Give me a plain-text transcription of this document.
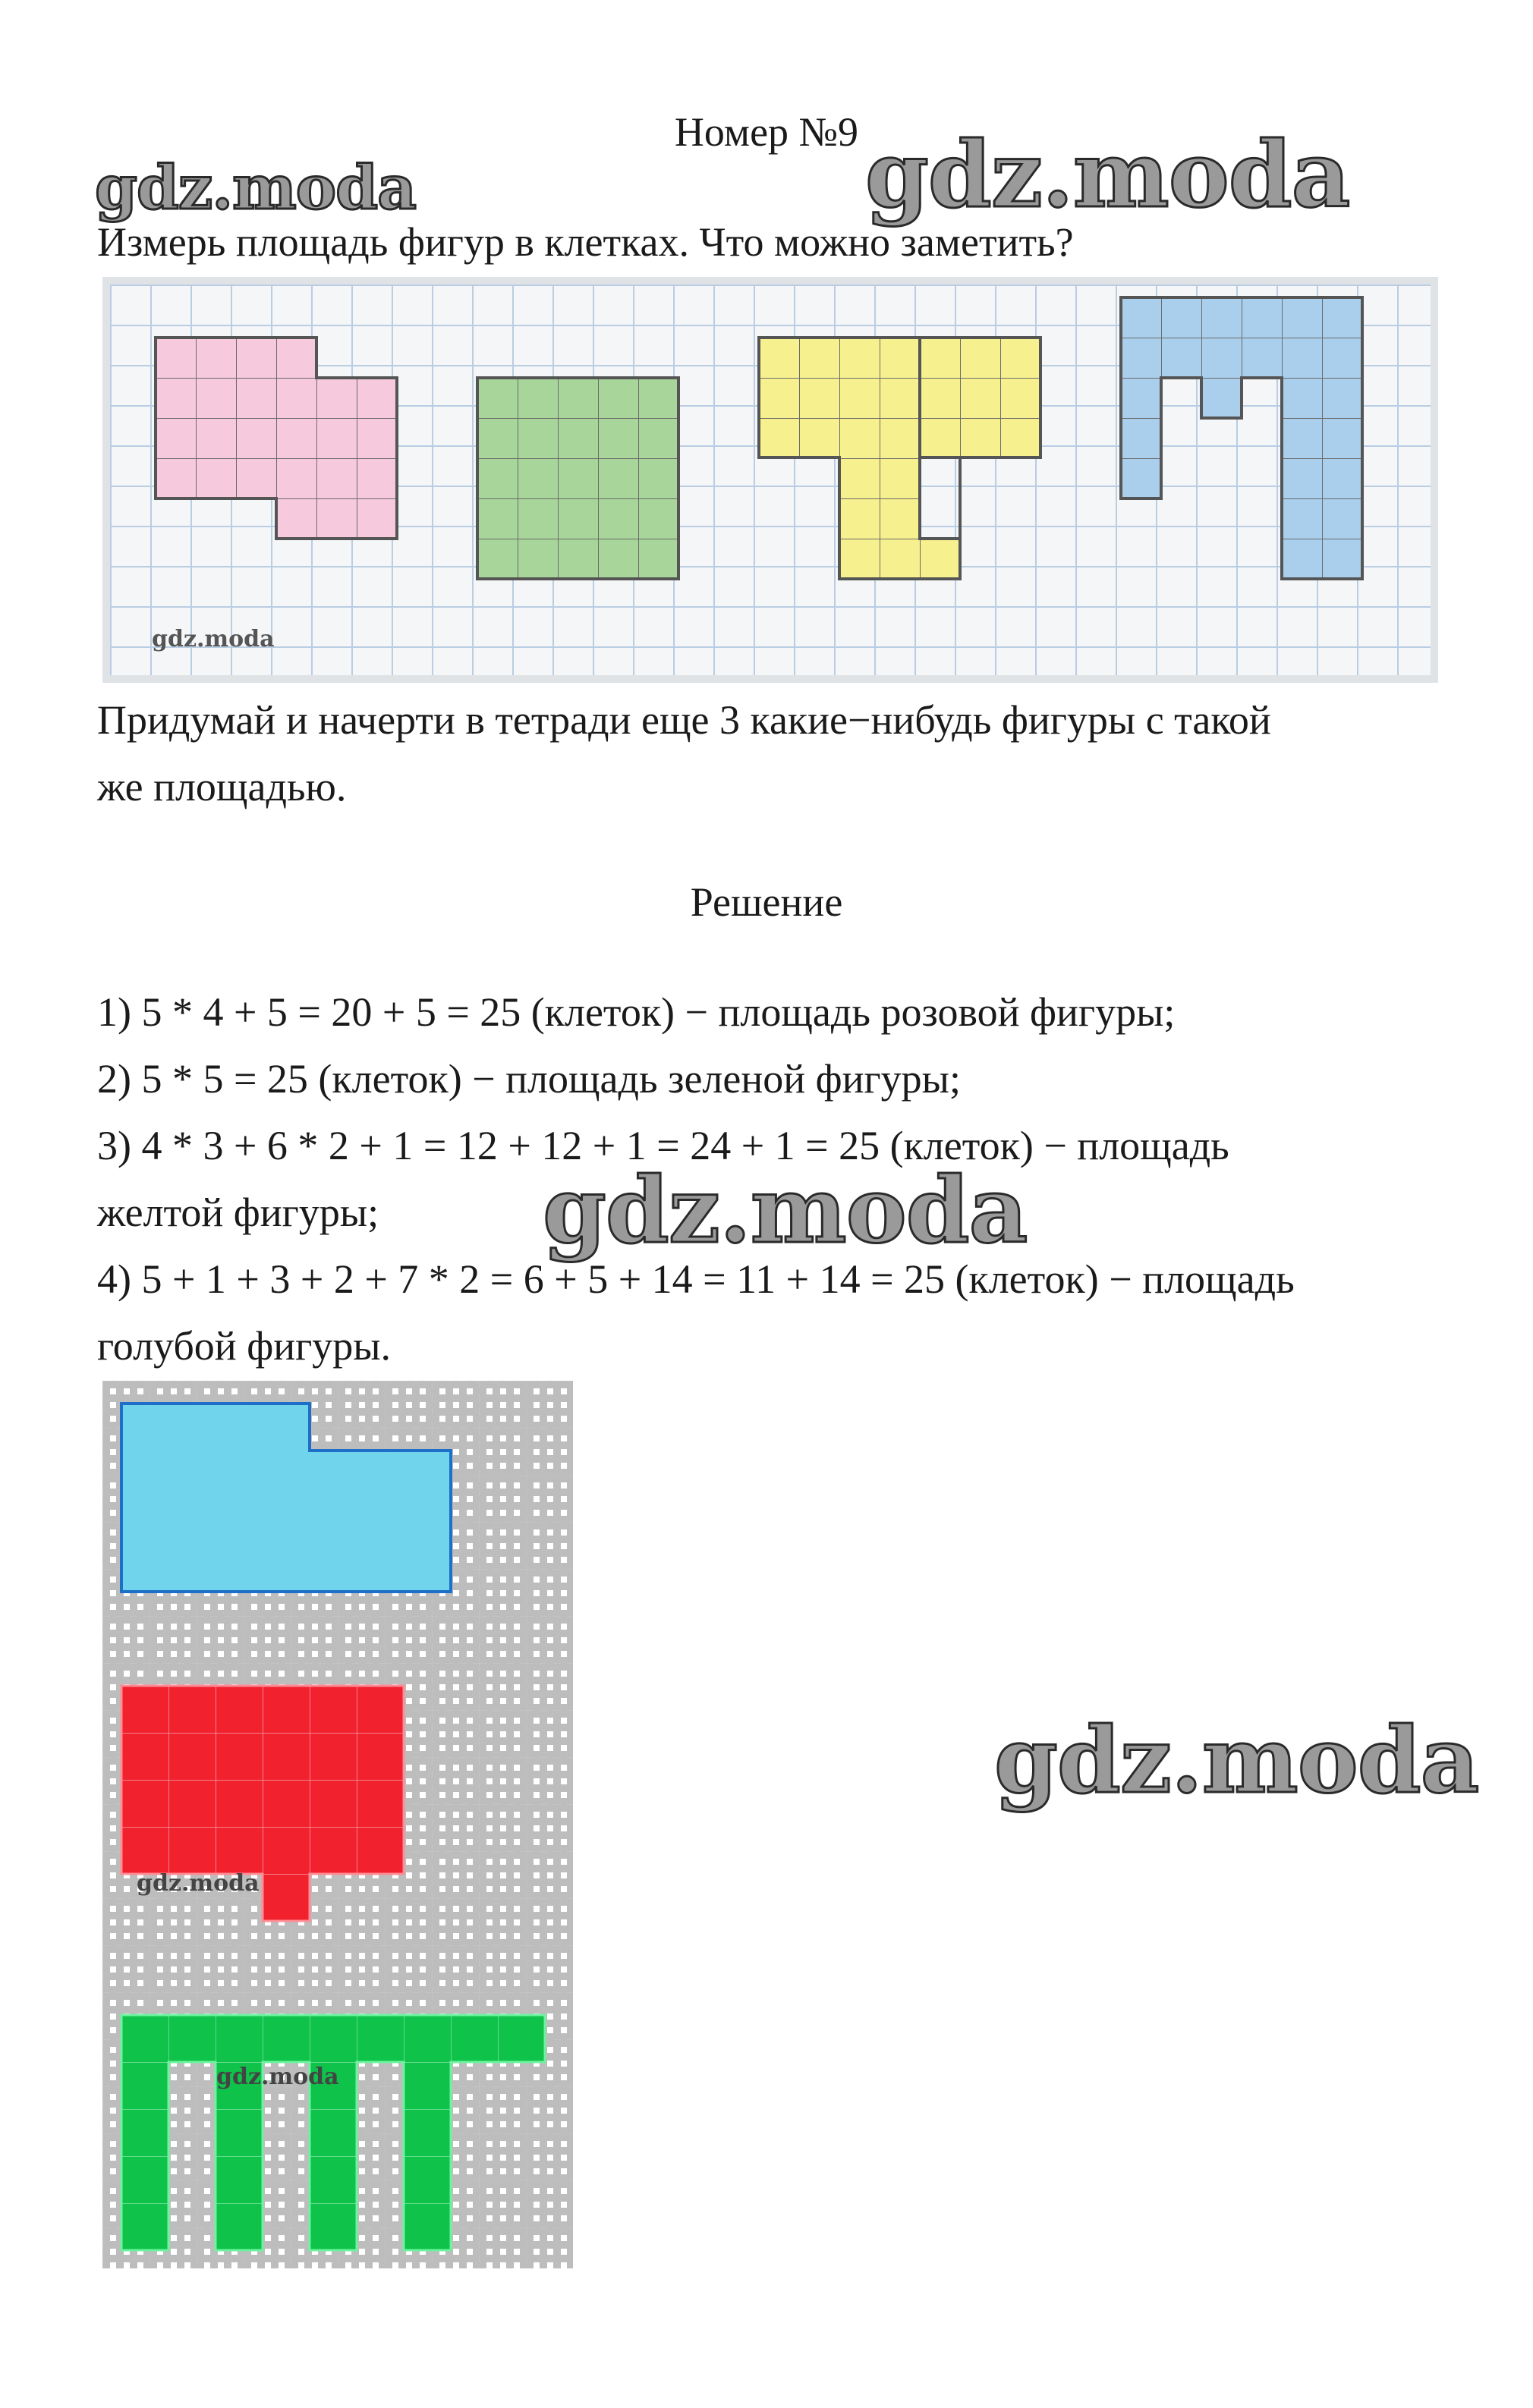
Номер №9 gdz.moda
gdz.moda
Измерь площадь фигур в клетках. Что можно заметить?
gdz.moda
Придумай и начерти в тетради еще 3 какие−нибудь фигуры с такой
же площадью.
Решение
1) 5 * 4 + 5 = 20 + 5 = 25 (клеток) − площадь розовой фигуры;
2) 5 * 5 = 25 (клеток) − площадь зеленой фигуры;
3) 4 * 3 + 6 * 2 + 1 = 12 + 12 + 1 = 24 + 1 = 25 (клеток) − площадь
желтой фигуры;
4) 5 + 1 + 3 + 2 + 7 * 2 = 6 + 5 + 14 = 11 + 14 = 25 (клеток) − площадь
голубой фигуры.
gdz.moda
gdz.moda
gdz.moda
gdz.moda
